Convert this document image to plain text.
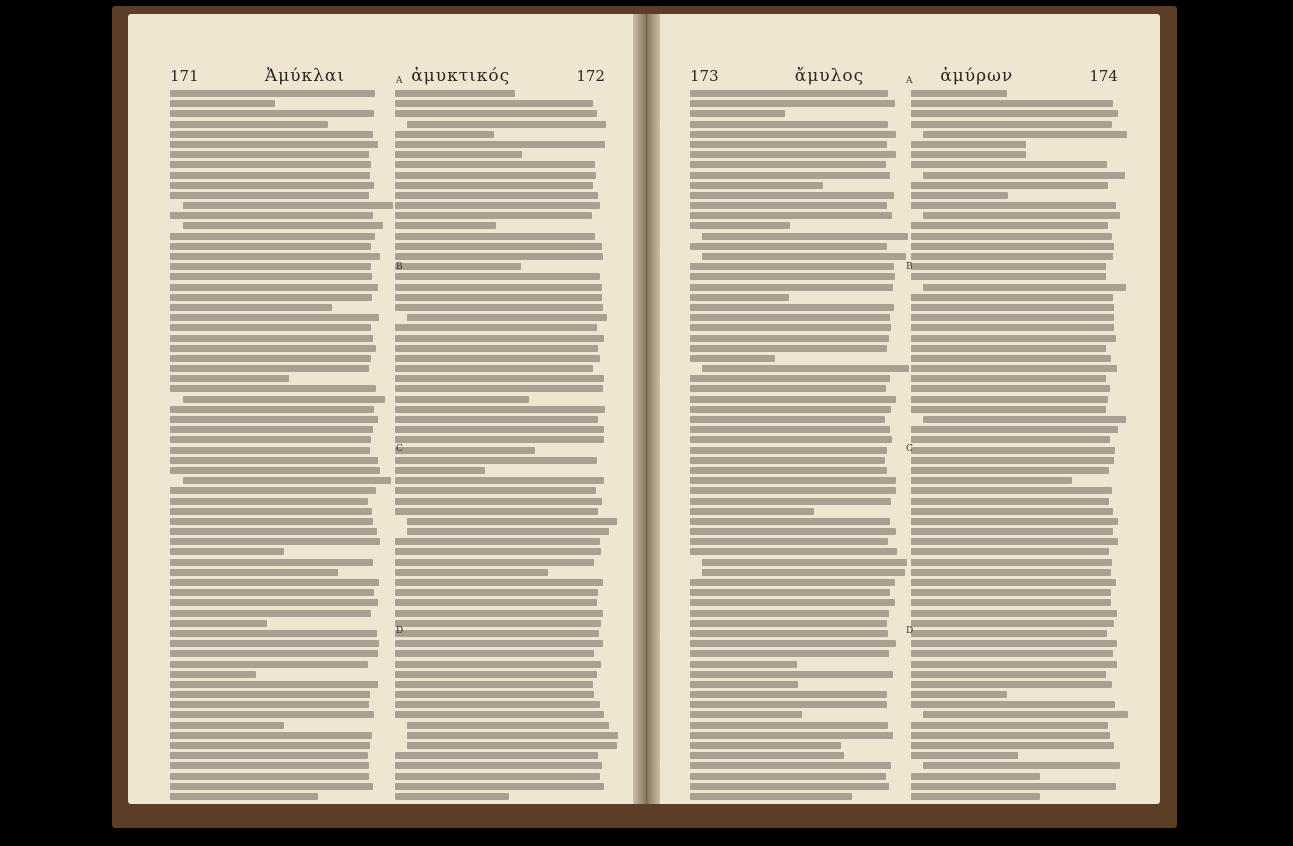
171	Ἀμύκλαι	ἀμυκτικός	172
A
B
C
D
173	ἄμυλος	ἀμύρων	174
A
B
C
D
